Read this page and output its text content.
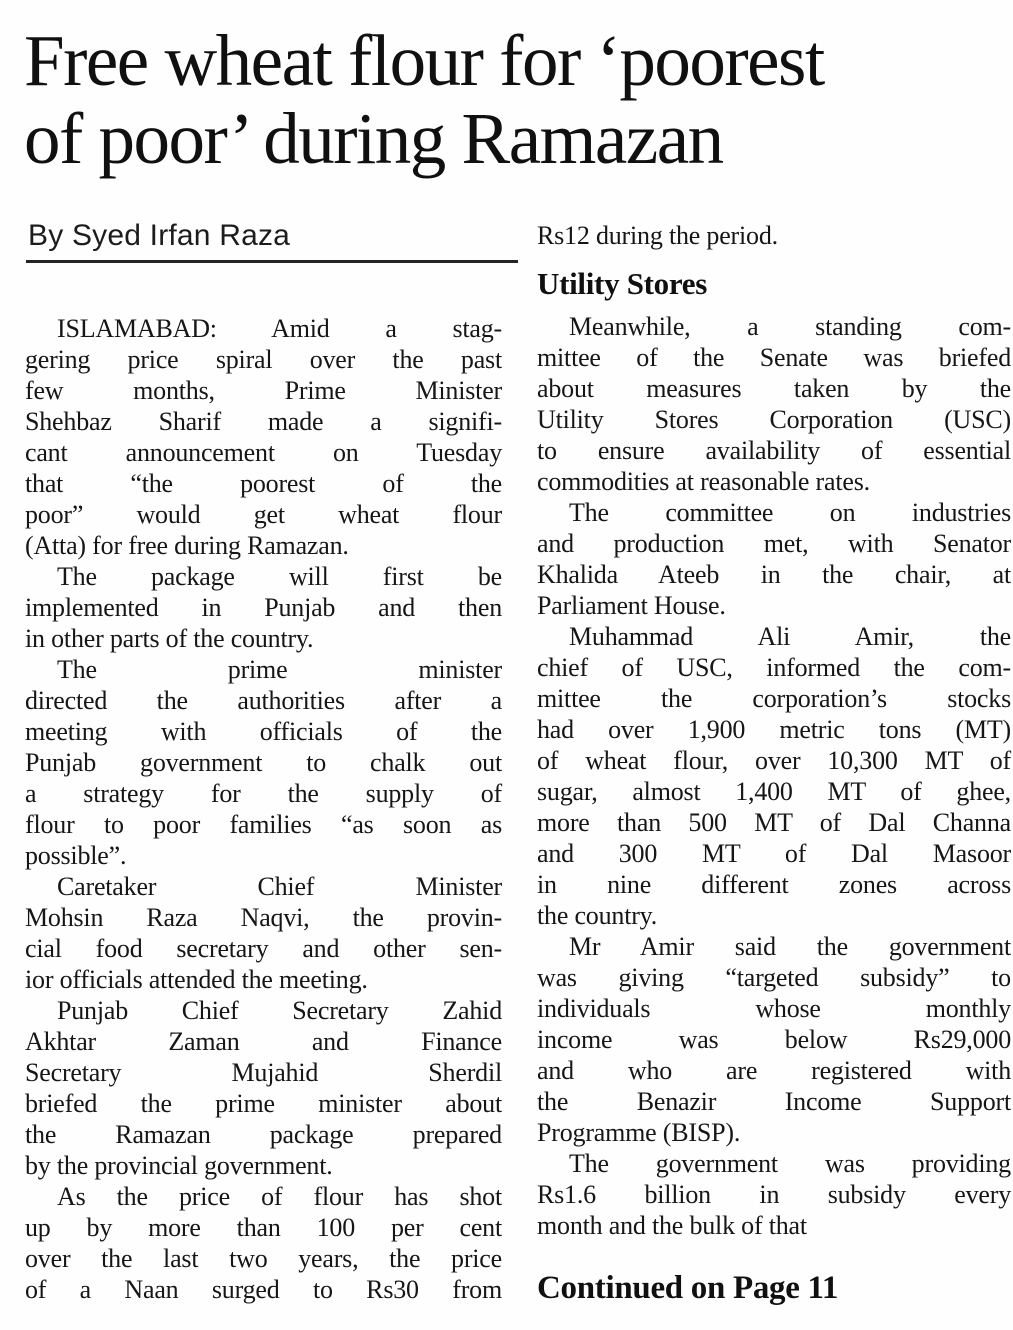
Free wheat flour for ‘poorest
of poor’ during Ramazan
By Syed Irfan Raza
ISLAMABAD: Amid a stag-
gering price spiral over the past
few months, Prime Minister
Shehbaz Sharif made a signifi-
cant announcement on Tuesday
that “the poorest of the
poor” would get wheat flour
(Atta) for free during Ramazan.
The package will first be
implemented in Punjab and then
in other parts of the country.
The prime minister
directed the authorities after a
meeting with officials of the
Punjab government to chalk out
a strategy for the supply of
flour to poor families “as soon as
possible”.
Caretaker Chief Minister
Mohsin Raza Naqvi, the provin-
cial food secretary and other sen-
ior officials attended the meeting.
Punjab Chief Secretary Zahid
Akhtar Zaman and Finance
Secretary Mujahid Sherdil
briefed the prime minister about
the Ramazan package prepared
by the provincial government.
As the price of flour has shot
up by more than 100 per cent
over the last two years, the price
of a Naan surged to Rs30 from
Rs12 during the period.
Utility Stores
Meanwhile, a standing com-
mittee of the Senate was briefed
about measures taken by the
Utility Stores Corporation (USC)
to ensure availability of essential
commodities at reasonable rates.
The committee on industries
and production met, with Senator
Khalida Ateeb in the chair, at
Parliament House.
Muhammad Ali Amir, the
chief of USC, informed the com-
mittee the corporation’s stocks
had over 1,900 metric tons (MT)
of wheat flour, over 10,300 MT of
sugar, almost 1,400 MT of ghee,
more than 500 MT of Dal Channa
and 300 MT of Dal Masoor
in nine different zones across
the country.
Mr Amir said the government
was giving “targeted subsidy” to
individuals whose monthly
income was below Rs29,000
and who are registered with
the Benazir Income Support
Programme (BISP).
The government was providing
Rs1.6 billion in subsidy every
month and the bulk of that
Continued on Page 11
